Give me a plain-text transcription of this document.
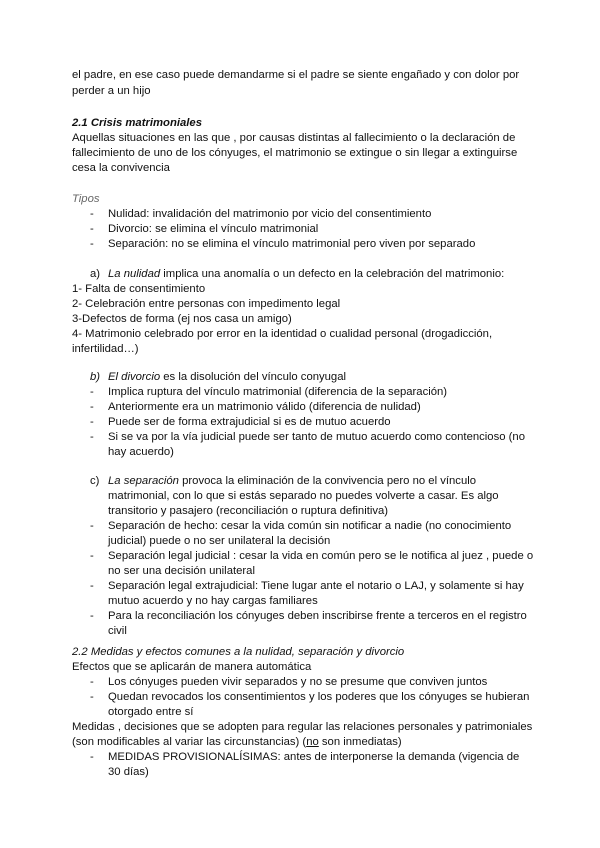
el padre, en ese caso puede demandarme si el padre se siente engañado y con dolor por
perder a un hijo
2.1 Crisis matrimoniales
Aquellas situaciones en las que , por causas distintas al fallecimiento o la declaración de
fallecimiento de uno de los cónyuges, el matrimonio se extingue o sin llegar a extinguirse
cesa la convivencia
Tipos
- Nulidad: invalidación del matrimonio por vicio del consentimiento
- Divorcio: se elimina el vínculo matrimonial
- Separación: no se elimina el vínculo matrimonial pero viven por separado
a) La nulidad implica una anomalía o un defecto en la celebración del matrimonio:
1- Falta de consentimiento
2- Celebración entre personas con impedimento legal
3-Defectos de forma (ej nos casa un amigo)
4- Matrimonio celebrado por error en la identidad o cualidad personal (drogadicción,
infertilidad…)
b) El divorcio es la disolución del vínculo conyugal
- Implica ruptura del vínculo matrimonial (diferencia de la separación)
- Anteriormente era un matrimonio válido (diferencia de nulidad)
- Puede ser de forma extrajudicial si es de mutuo acuerdo
- Si se va por la vía judicial puede ser tanto de mutuo acuerdo como contencioso (no
hay acuerdo)
c) La separación provoca la eliminación de la convivencia pero no el vínculo
matrimonial, con lo que si estás separado no puedes volverte a casar. Es algo
transitorio y pasajero (reconciliación o ruptura definitiva)
- Separación de hecho: cesar la vida común sin notificar a nadie (no conocimiento
judicial) puede o no ser unilateral la decisión
- Separación legal judicial : cesar la vida en común pero se le notifica al juez , puede o
no ser una decisión unilateral
- Separación legal extrajudicial: Tiene lugar ante el notario o LAJ, y solamente si hay
mutuo acuerdo y no hay cargas familiares
- Para la reconciliación los cónyuges deben inscribirse frente a terceros en el registro
civil
2.2 Medidas y efectos comunes a la nulidad, separación y divorcio
Efectos que se aplicarán de manera automática
- Los cónyuges pueden vivir separados y no se presume que conviven juntos
- Quedan revocados los consentimientos y los poderes que los cónyuges se hubieran
otorgado entre sí
Medidas , decisiones que se adopten para regular las relaciones personales y patrimoniales
(son modificables al variar las circunstancias) (no son inmediatas)
- MEDIDAS PROVISIONALÍSIMAS: antes de interponerse la demanda (vigencia de
30 días)
